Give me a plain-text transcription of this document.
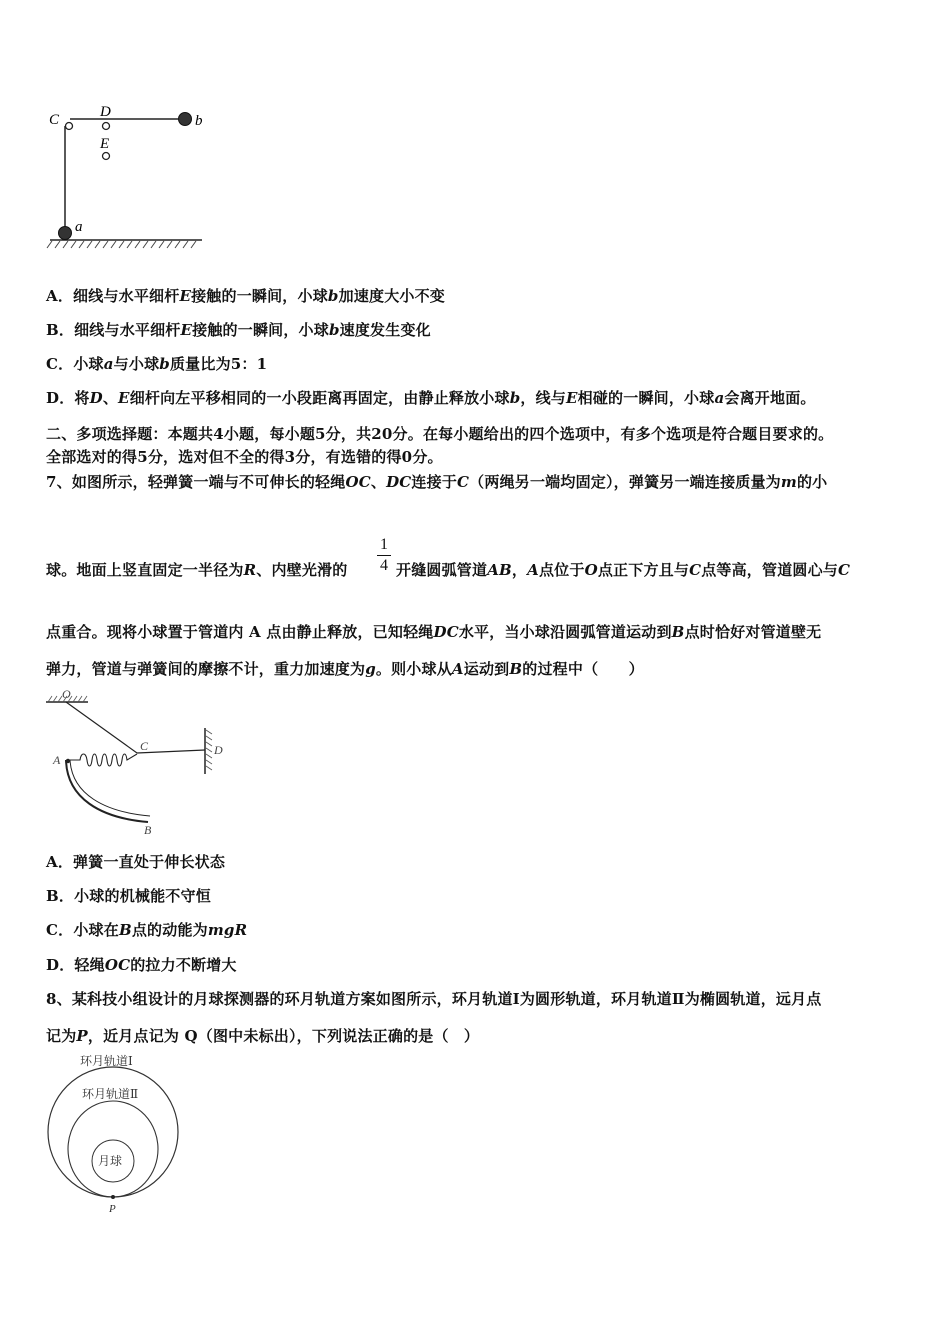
C	D
E
b
a
A．细线与水平细杆E接触的一瞬间，小球b加速度大小不变
B．细线与水平细杆E接触的一瞬间，小球b速度发生变化
C．小球a与小球b质量比为5：1
D．将D、E细杆向左平移相同的一小段距离再固定，由静止释放小球b，线与E相碰的一瞬间，小球a会离开地面。
二、多项选择题：本题共4小题，每小题5分，共20分。在每小题给出的四个选项中，有多个选项是符合题目要求的。
全部选对的得5分，选对但不全的得3分，有选错的得0分。
7、如图所示，轻弹簧一端与不可伸长的轻绳OC、DC连接于C（两绳另一端均固定），弹簧另一端连接质量为m的小
球。地面上竖直固定一半径为R、内壁光滑的
1
4 开缝圆弧管道AB，A点位于O点正下方且与C点等高，管道圆心与C
点重合。现将小球置于管道内 A 点由静止释放，已知轻绳DC水平，当小球沿圆弧管道运动到B点时恰好对管道壁无
弹力，管道与弹簧间的摩擦不计，重力加速度为g。则小球从A运动到B的过程中（　　）
O
A
C	D
B
A．弹簧一直处于伸长状态
B．小球的机械能不守恒
C．小球在B点的动能为mgR
D．轻绳OC的拉力不断增大
8、某科技小组设计的月球探测器的环月轨道方案如图所示，环月轨道Ⅰ为圆形轨道，环月轨道Ⅱ为椭圆轨道，远月点
记为P，近月点记为 Q（图中未标出），下列说法正确的是（　）
环月轨道Ⅰ
环月轨道Ⅱ
月球
P
